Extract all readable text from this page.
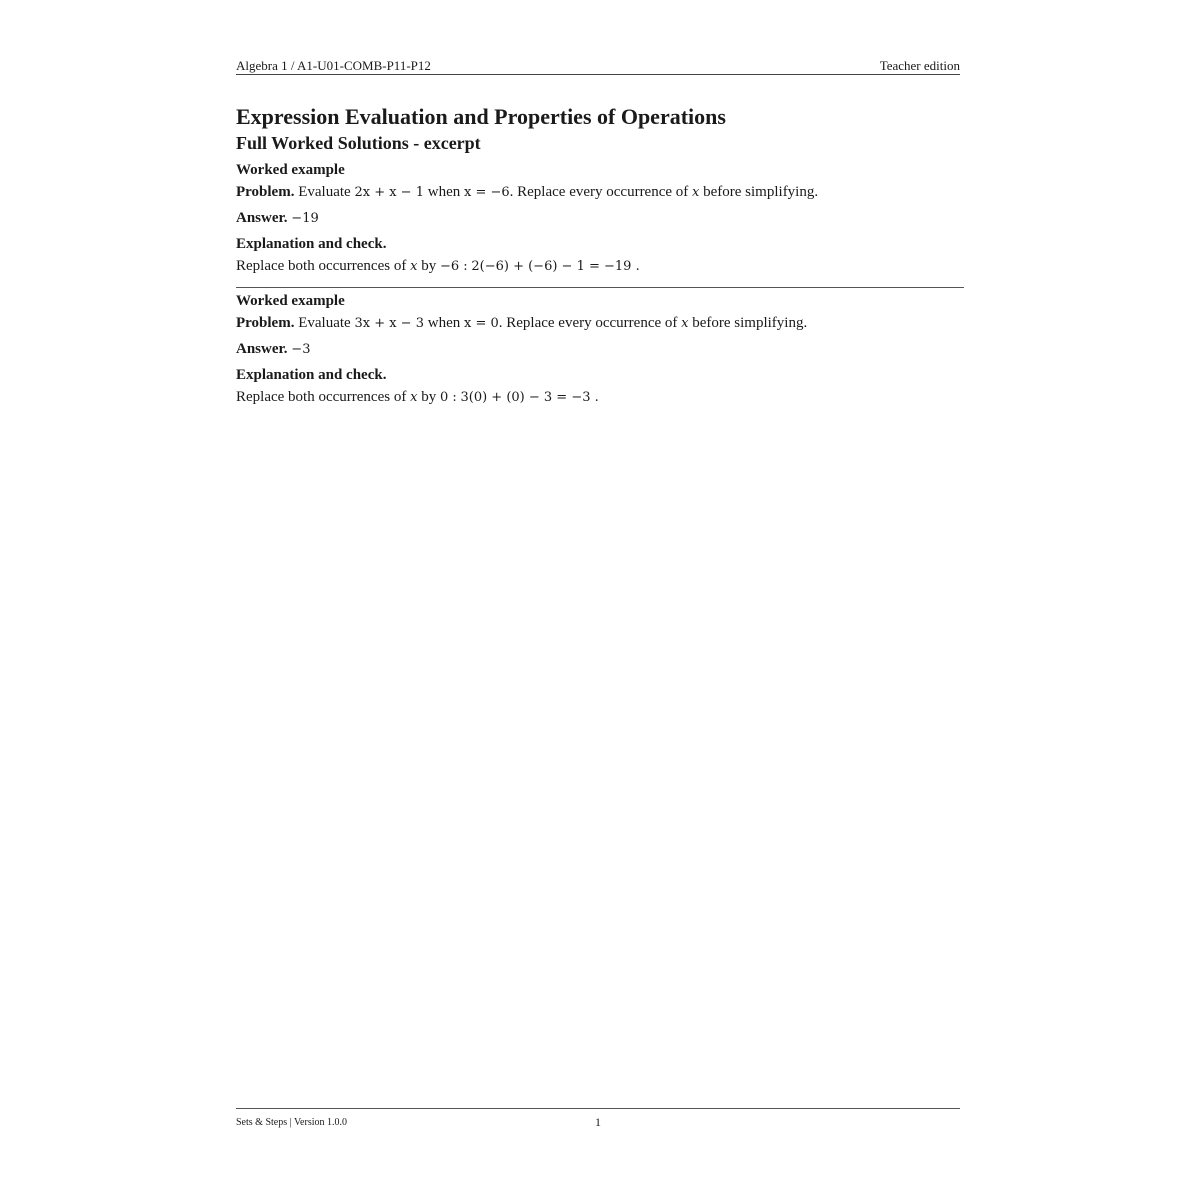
Algebra 1 / A1-U01-COMB-P11-P12	Teacher edition
Expression Evaluation and Properties of Operations
Full Worked Solutions - excerpt
Worked example
Problem. Evaluate 2x + x − 1 when x = −6. Replace every occurrence of x before simplifying.
Answer. −19
Explanation and check.
Replace both occurrences of x by −6 : 2(−6) + (−6) − 1 = −19 .
Worked example
Problem. Evaluate 3x + x − 3 when x = 0. Replace every occurrence of x before simplifying.
Answer. −3
Explanation and check.
Replace both occurrences of x by 0 : 3(0) + (0) − 3 = −3 .
Sets & Steps | Version 1.0.0	1
